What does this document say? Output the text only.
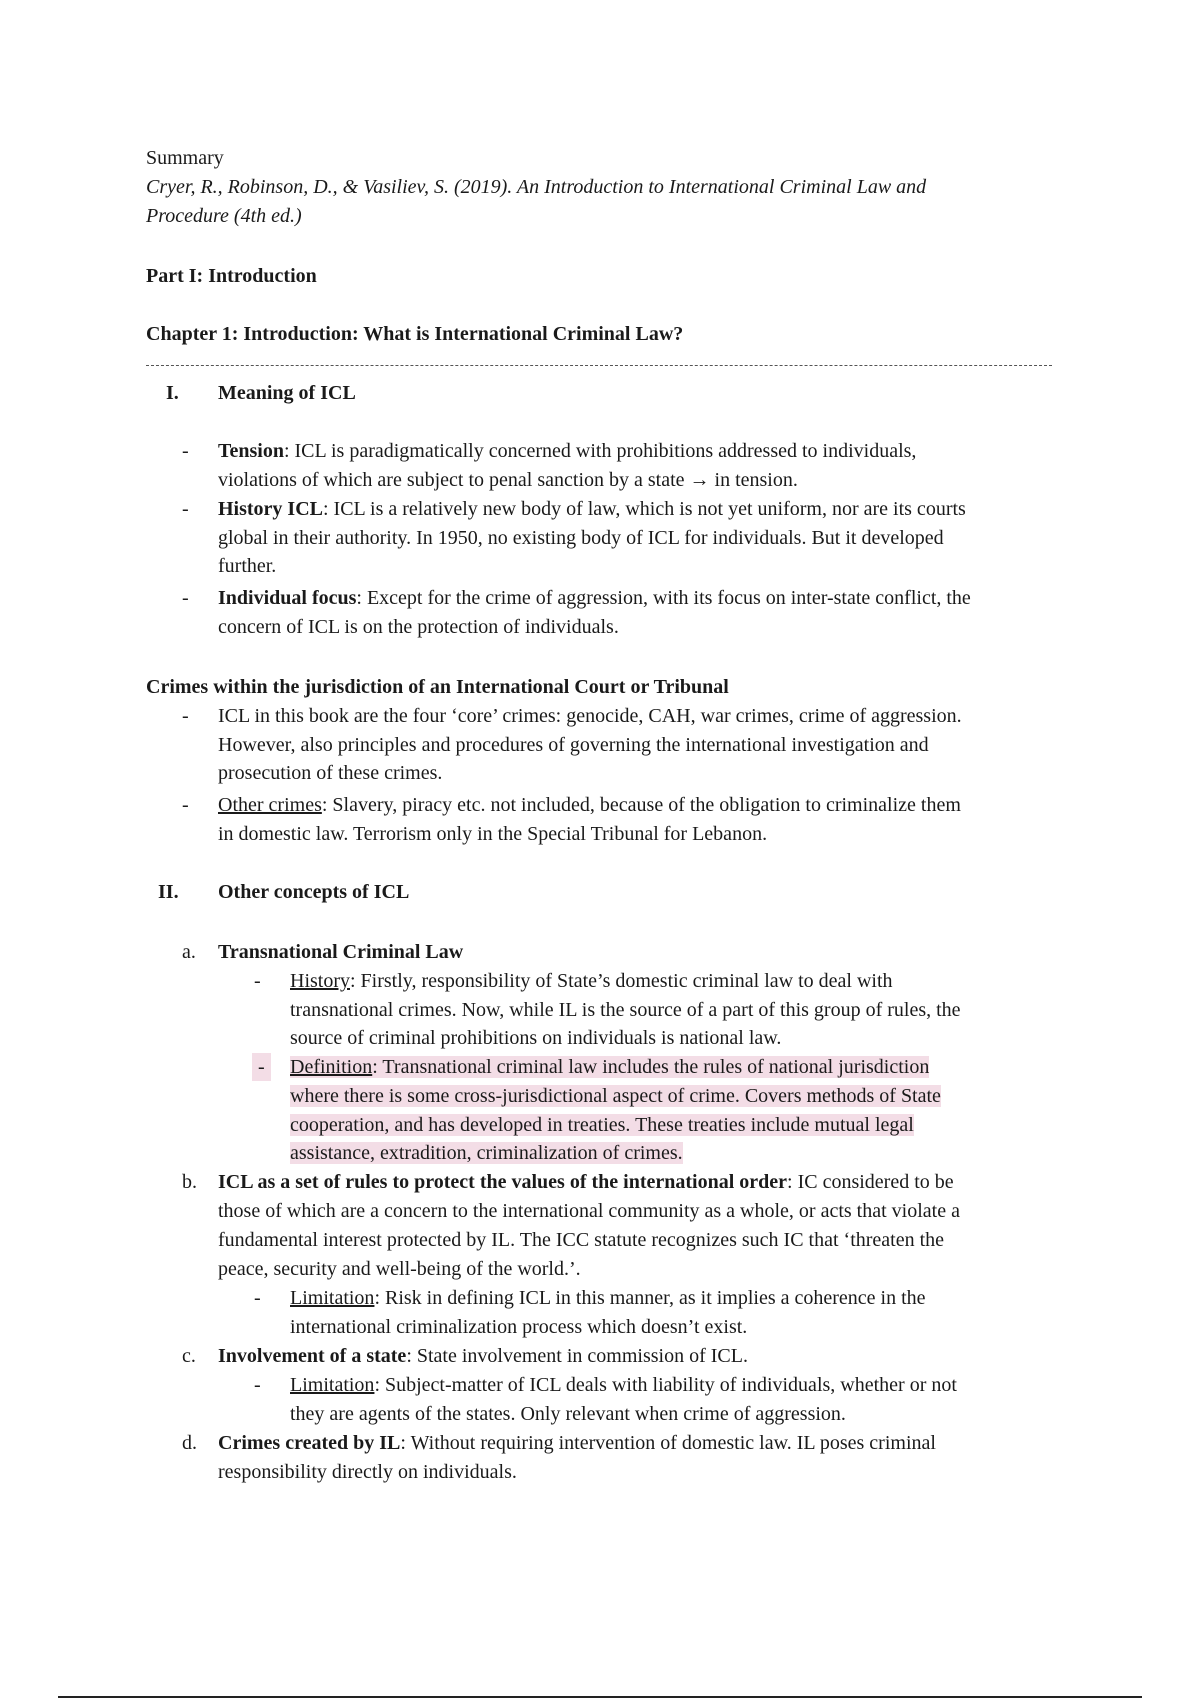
Summary
Cryer, R., Robinson, D., & Vasiliev, S. (2019). An Introduction to International Criminal Law and
Procedure (4th ed.)
Part I: Introduction
Chapter 1: Introduction: What is International Criminal Law?
I. Meaning of ICL
- Tension: ICL is paradigmatically concerned with prohibitions addressed to individuals,
violations of which are subject to penal sanction by a state → in tension.
- History ICL: ICL is a relatively new body of law, which is not yet uniform, nor are its courts
global in their authority. In 1950, no existing body of ICL for individuals. But it developed
further.
- Individual focus: Except for the crime of aggression, with its focus on inter-state conflict, the
concern of ICL is on the protection of individuals.
Crimes within the jurisdiction of an International Court or Tribunal
- ICL in this book are the four ‘core’ crimes: genocide, CAH, war crimes, crime of aggression.
However, also principles and procedures of governing the international investigation and
prosecution of these crimes.
- Other crimes: Slavery, piracy etc. not included, because of the obligation to criminalize them
in domestic law. Terrorism only in the Special Tribunal for Lebanon.
II. Other concepts of ICL
a. Transnational Criminal Law
- History: Firstly, responsibility of State’s domestic criminal law to deal with
transnational crimes. Now, while IL is the source of a part of this group of rules, the
source of criminal prohibitions on individuals is national law.
-	Definition: Transnational criminal law includes the rules of national jurisdiction
where there is some cross-jurisdictional aspect of crime. Covers methods of State
cooperation, and has developed in treaties. These treaties include mutual legal
assistance, extradition, criminalization of crimes.
b. ICL as a set of rules to protect the values of the international order: IC considered to be
those of which are a concern to the international community as a whole, or acts that violate a
fundamental interest protected by IL. The ICC statute recognizes such IC that ‘threaten the
peace, security and well-being of the world.’.
- Limitation: Risk in defining ICL in this manner, as it implies a coherence in the
international criminalization process which doesn’t exist.
c. Involvement of a state: State involvement in commission of ICL.
- Limitation: Subject-matter of ICL deals with liability of individuals, whether or not
they are agents of the states. Only relevant when crime of aggression.
d. Crimes created by IL: Without requiring intervention of domestic law. IL poses criminal
responsibility directly on individuals.
